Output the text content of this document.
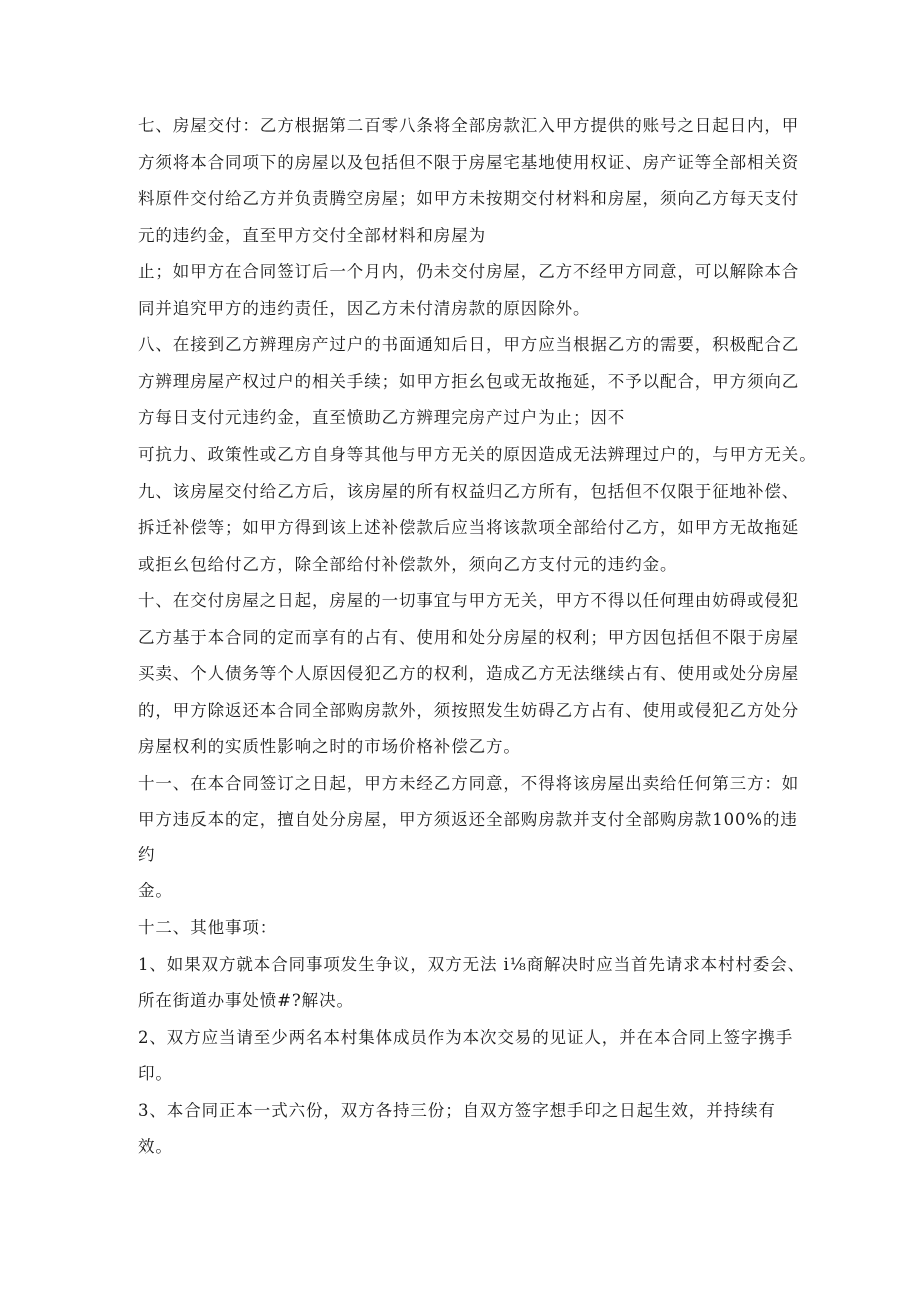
七、房屋交付：乙方根据第二百零八条将全部房款汇入甲方提供的账号之日起日内，甲
方须将本合同项下的房屋以及包括但不限于房屋宅基地使用权证、房产证等全部相关资
料原件交付给乙方并负责腾空房屋；如甲方未按期交付材料和房屋，须向乙方每天支付
元的违约金，直至甲方交付全部材料和房屋为
止；如甲方在合同签订后一个月内，仍未交付房屋，乙方不经甲方同意，可以解除本合
同并追究甲方的违约责任，因乙方未付清房款的原因除外。
八、在接到乙方辨理房产过户的书面通知后日，甲方应当根据乙方的需要，积极配合乙
方辨理房屋产权过户的相关手续；如甲方拒幺包或无故拖延，不予以配合，甲方须向乙
方每日支付元违约金，直至愤助乙方辨理完房产过户为止；因不
可抗力、政策性或乙方自身等其他与甲方无关的原因造成无法辨理过户的，与甲方无关。
九、该房屋交付给乙方后，该房屋的所有权益归乙方所有，包括但不仅限于征地补偿、
拆迁补偿等；如甲方得到该上述补偿款后应当将该款项全部给付乙方，如甲方无故拖延
或拒幺包给付乙方，除全部给付补偿款外，须向乙方支付元的违约金。
十、在交付房屋之日起，房屋的一切事宜与甲方无关，甲方不得以任何理由妨碍或侵犯
乙方基于本合同的定而享有的占有、使用和处分房屋的权利；甲方因包括但不限于房屋
买卖、个人债务等个人原因侵犯乙方的权利，造成乙方无法继续占有、使用或处分房屋
的，甲方除返还本合同全部购房款外，须按照发生妨碍乙方占有、使用或侵犯乙方处分
房屋权利的实质性影响之时的市场价格补偿乙方。
十一、在本合同签订之日起，甲方未经乙方同意，不得将该房屋出卖给任何第三方：如
甲方违反本的定，擅自处分房屋，甲方须返还全部购房款并支付全部购房款100%的违
约
金。
十二、其他事项：
1、如果双方就本合同事项发生争议，双方无法 i⅛商解决时应当首先请求本村村委会、
所在街道办事处愤#?解决。
2、双方应当请至少两名本村集体成员作为本次交易的见证人，并在本合同上签字携手
印。
3、本合同正本一式六份，双方各持三份；自双方签字想手印之日起生效，并持续有
效。
